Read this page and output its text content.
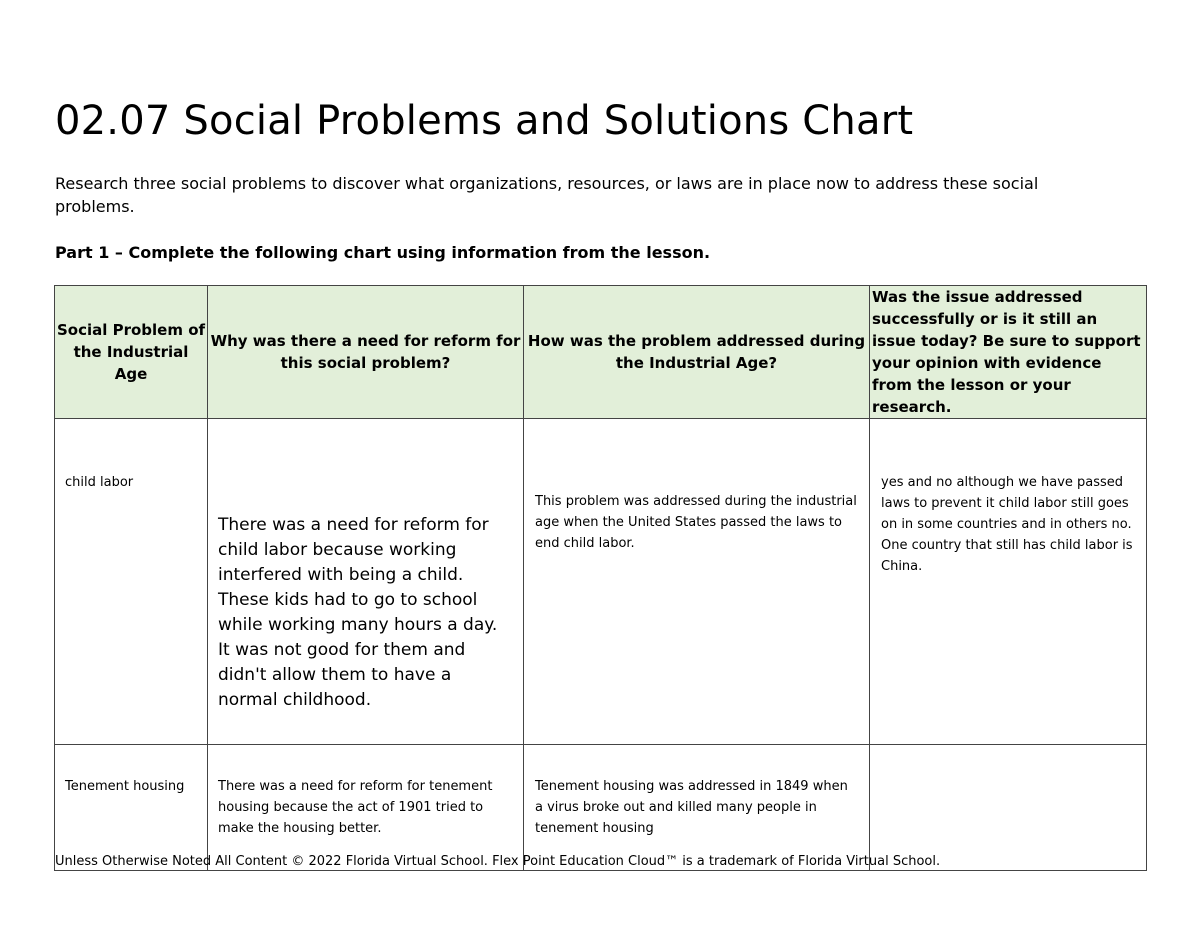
02.07 Social Problems and Solutions Chart

Research three social problems to discover what organizations, resources, or laws are in place now to address these social problems.

Part 1 – Complete the following chart using information from the lesson.

Social Problem of the Industrial Age	Why was there a need for reform for this social problem?	How was the problem addressed during the Industrial Age?	Was the issue addressed successfully or is it still an issue today? Be sure to support your opinion with evidence from the lesson or your research.

child labor	There was a need for reform for child labor because working interfered with being a child. These kids had to go to school while working many hours a day. It was not good for them and didn't allow them to have a normal childhood.	This problem was addressed during the industrial age when the United States passed the laws to end child labor.	yes and no although we have passed laws to prevent it child labor still goes on in some countries and in others no. One country that still has child labor is China.

Tenement housing	There was a need for reform for tenement housing because the act of 1901 tried to make the housing better.	Tenement housing was addressed in 1849 when a virus broke out and killed many people in tenement housing	

Unless Otherwise Noted All Content © 2022 Florida Virtual School. Flex Point Education Cloud™ is a trademark of Florida Virtual School.
